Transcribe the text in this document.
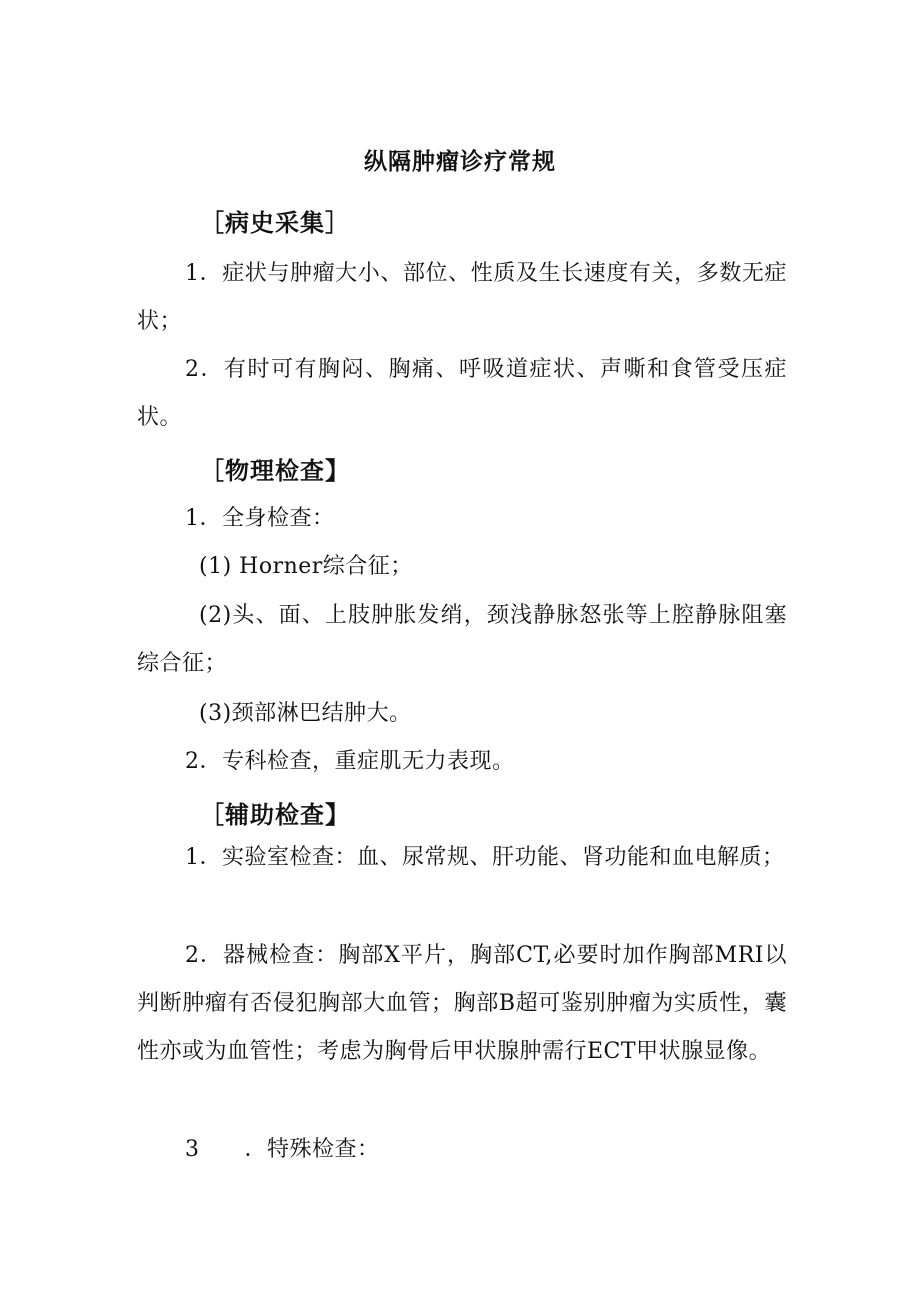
纵隔肿瘤诊疗常规
［病史采集］
1．症状与肿瘤大小、部位、性质及生长速度有关，多数无症状；
2．有时可有胸闷、胸痛、呼吸道症状、声嘶和食管受压症状。
［物理检查】
1．全身检查：
(1) Horner综合征；
(2)头、面、上肢肿胀发绡，颈浅静脉怒张等上腔静脉阻塞综合征；
(3)颈部淋巴结肿大。
2．专科检查，重症肌无力表现。
［辅助检查】
1．实验室检查：血、尿常规、肝功能、肾功能和血电解质；
2．器械检查：胸部X平片，胸部CT,必要时加作胸部MRI以判断肿瘤有否侵犯胸部大血管；胸部B超可鉴别肿瘤为实质性，囊性亦或为血管性；考虑为胸骨后甲状腺肿需行ECT甲状腺显像。
3　　．特殊检查：
